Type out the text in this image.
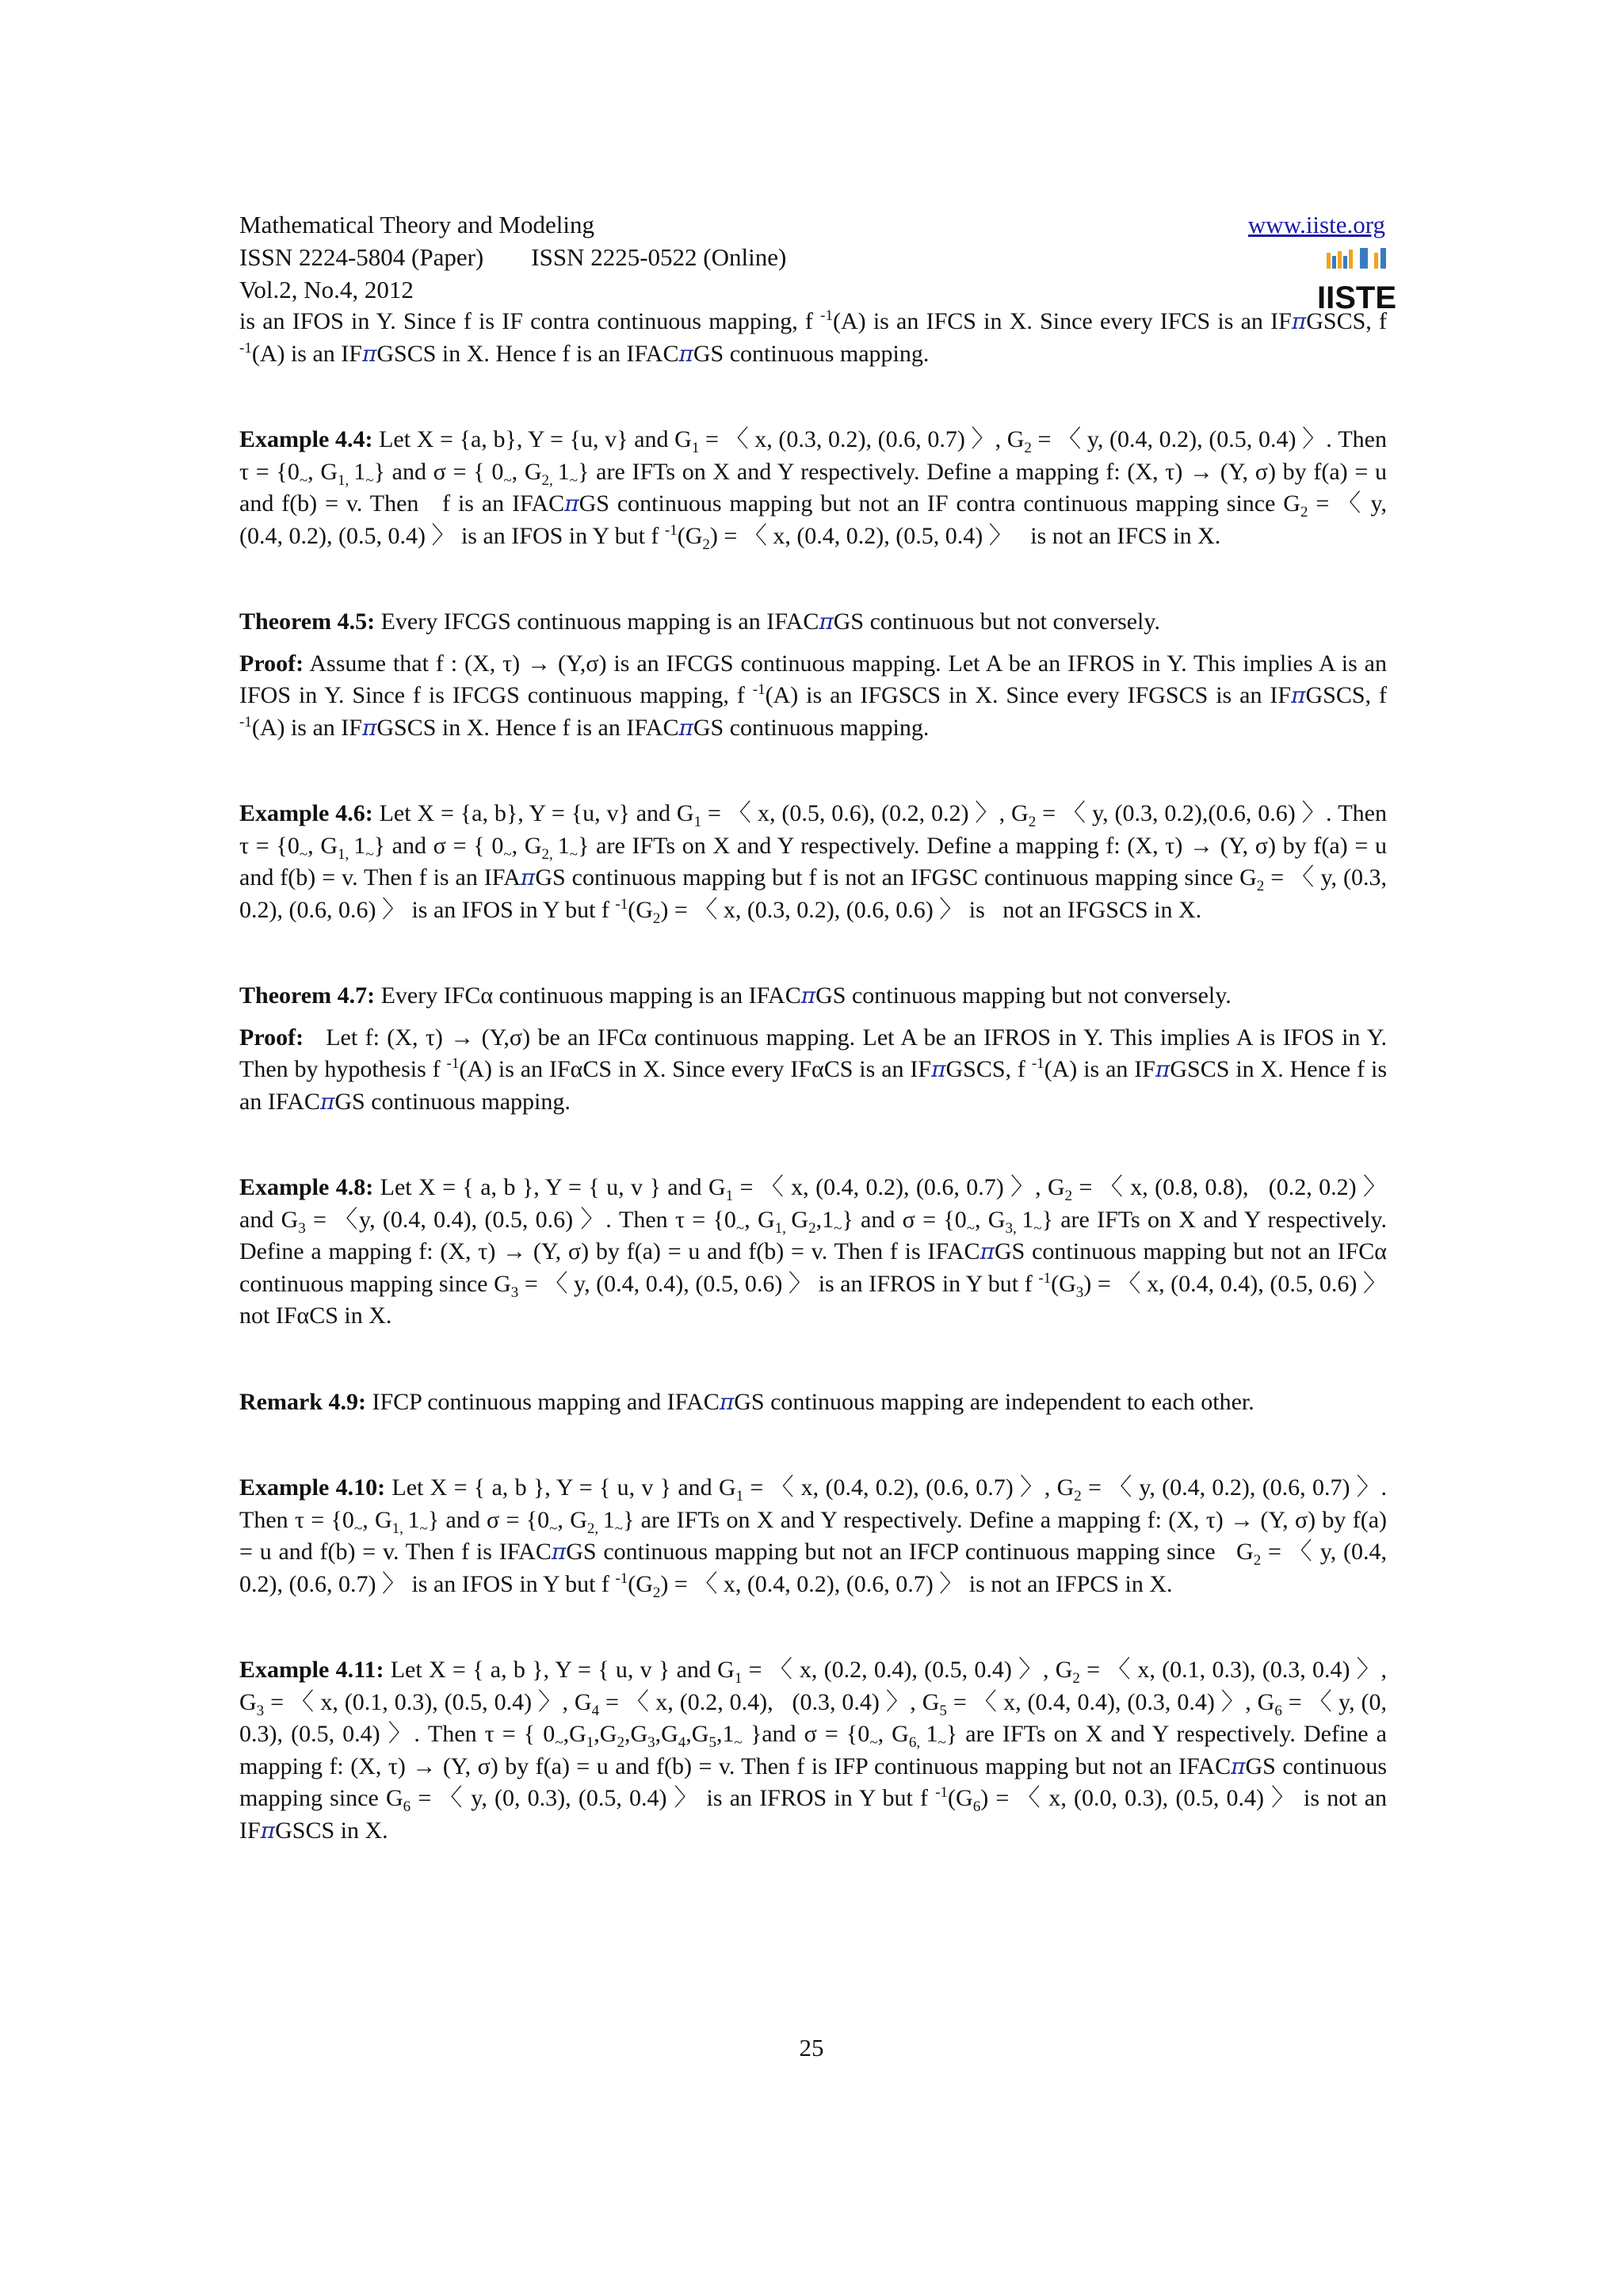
Mathematical Theory and Modeling
ISSN 2224-5804 (Paper) ISSN 2225-0522 (Online)
Vol.2, No.4, 2012
www.iiste.org
IISTE

is an IFOS in Y. Since f is IF contra continuous mapping, f $^{-1}$(A) is an IFCS in X. Since every IFCS is an IFπGSCS, f $^{-1}$(A) is an IFπGSCS in X. Hence f is an IFACπGS continuous mapping.

Example 4.4: Let X = {a, b}, Y = {u, v} and $G_1$ = 〈 x, (0.3, 0.2), (0.6, 0.7) 〉, $G_2$ = 〈 y, (0.4, 0.2), (0.5, 0.4) 〉. Then $\tau = \{0_\sim$, $G_{1,}$ $1_\sim$} and σ = { $0_\sim$, $G_{2,}$ $1_\sim$} are IFTs on X and Y respectively. Define a mapping f: (X, τ) → (Y, σ) by f(a) = u and f(b) = v. Then   f is an IFACπGS continuous mapping but not an IF contra continuous mapping since $G_2$ = 〈 y, (0.4, 0.2), (0.5, 0.4) 〉 is an IFOS in Y but f $^{-1}(G_2)$ = 〈 x, (0.4, 0.2), (0.5, 0.4) 〉   is not an IFCS in X.

Theorem 4.5: Every IFCGS continuous mapping is an IFACπGS continuous but not conversely.

Proof: Assume that f : (X, τ) → (Y,σ) is an IFCGS continuous mapping. Let A be an IFROS in Y. This implies A is an IFOS in Y. Since f is IFCGS continuous mapping, f $^{-1}$(A) is an IFGSCS in X. Since every IFGSCS is an IFπGSCS, f $^{-1}$(A) is an IFπGSCS in X. Hence f is an IFACπGS continuous mapping.

Example 4.6: Let X = {a, b}, Y = {u, v} and $G_1$ = 〈 x, (0.5, 0.6), (0.2, 0.2) 〉, $G_2$ = 〈 y, (0.3, 0.2),(0.6, 0.6) 〉. Then $\tau = \{0_\sim$, $G_{1,}$ $1_\sim$} and σ = { $0_\sim$, $G_{2,}$ $1_\sim$} are IFTs on X and Y respectively. Define a mapping f: (X, τ) → (Y, σ) by f(a) = u and f(b) = v. Then f is an IFAπGS continuous mapping but f is not an IFGSC continuous mapping since $G_2$ = 〈 y, (0.3, 0.2), (0.6, 0.6) 〉 is an IFOS in Y but f $^{-1}(G_2)$ = 〈 x, (0.3, 0.2), (0.6, 0.6) 〉 is   not an IFGSCS in X.

Theorem 4.7: Every IFCα continuous mapping is an IFACπGS continuous mapping but not conversely.

Proof:   Let f: (X, τ) → (Y,σ) be an IFCα continuous mapping. Let A be an IFROS in Y. This implies A is IFOS in Y. Then by hypothesis f $^{-1}$(A) is an IFαCS in X. Since every IFαCS is an IFπGSCS, f $^{-1}$(A) is an IFπGSCS in X. Hence f is an IFACπGS continuous mapping.

Example 4.8: Let X = { a, b }, Y = { u, v } and $G_1$ = 〈 x, (0.4, 0.2), (0.6, 0.7) 〉, $G_2$ = 〈 x, (0.8, 0.8),   (0.2, 0.2) 〉 and $G_3$ = 〈y, (0.4, 0.4), (0.5, 0.6) 〉. Then $\tau = \{0_\sim$, $G_{1,}$ $G_2,1_\sim$} and $\sigma = \{0_\sim$, $G_{3,}$ $1_\sim$} are IFTs on X and Y respectively. Define a mapping f: (X, τ) → (Y, σ) by f(a) = u and f(b) = v. Then f is IFACπGS continuous mapping but not an IFCα continuous mapping since $G_3$ = 〈 y, (0.4, 0.4), (0.5, 0.6) 〉 is an IFROS in Y but f $^{-1}(G_3)$ = 〈 x, (0.4, 0.4), (0.5, 0.6) 〉 not IFαCS in X.

Remark 4.9: IFCP continuous mapping and IFACπGS continuous mapping are independent to each other.

Example 4.10: Let X = { a, b }, Y = { u, v } and $G_1$ = 〈 x, (0.4, 0.2), (0.6, 0.7) 〉, $G_2$ = 〈 y, (0.4, 0.2), (0.6, 0.7) 〉. Then $\tau = \{0_\sim$, $G_{1,}$ $1_\sim$} and $\sigma = \{0_\sim$, $G_{2,}$ $1_\sim$} are IFTs on X and Y respectively. Define a mapping f: (X, τ) → (Y, σ) by f(a) = u and f(b) = v. Then f is IFACπGS continuous mapping but not an IFCP continuous mapping since   $G_2$ = 〈 y, (0.4, 0.2), (0.6, 0.7) 〉 is an IFOS in Y but f $^{-1}(G_2)$ = 〈 x, (0.4, 0.2), (0.6, 0.7) 〉 is not an IFPCS in X.

Example 4.11: Let X = { a, b }, Y = { u, v } and $G_1$ = 〈 x, (0.2, 0.4), (0.5, 0.4) 〉, $G_2$ = 〈 x, (0.1, 0.3), (0.3, 0.4) 〉, $G_3$ = 〈 x, (0.1, 0.3), (0.5, 0.4) 〉, $G_4$ = 〈 x, (0.2, 0.4),   (0.3, 0.4) 〉, $G_5$ = 〈 x, (0.4, 0.4), (0.3, 0.4) 〉, $G_6$ = 〈 y, (0, 0.3), (0.5, 0.4) 〉. Then τ = { $0_\sim,G_1,G_2,G_3,G_4,G_5,1_\sim$ }and $\sigma = \{0_\sim$, $G_{6,}$ $1_\sim$} are IFTs on X and Y respectively. Define a mapping f: (X, τ) → (Y, σ) by f(a) = u and f(b) = v. Then f is IFP continuous mapping but not an IFACπGS continuous mapping since $G_6$ = 〈 y, (0, 0.3), (0.5, 0.4) 〉 is an IFROS in Y but f $^{-1}(G_6)$ = 〈 x, (0.0, 0.3), (0.5, 0.4) 〉 is not an IFπGSCS in X.

25
